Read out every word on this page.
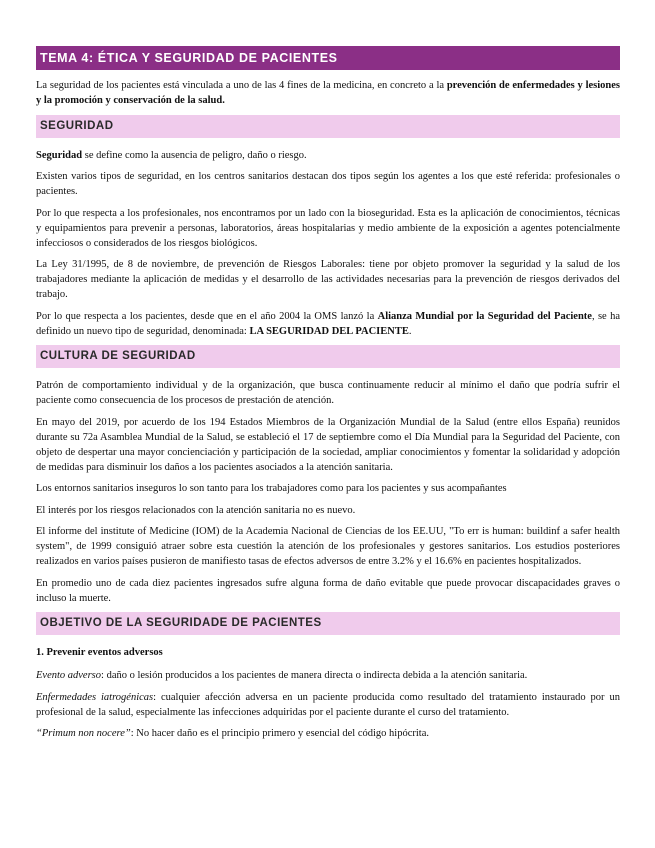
TEMA 4: ÉTICA Y SEGURIDAD DE PACIENTES

La seguridad de los pacientes está vinculada a uno de las 4 fines de la medicina, en concreto a la prevención de enfermedades y lesiones y la promoción y conservación de la salud.

SEGURIDAD

Seguridad se define como la ausencia de peligro, daño o riesgo.

Existen varios tipos de seguridad, en los centros sanitarios destacan dos tipos según los agentes a los que esté referida: profesionales o pacientes.

Por lo que respecta a los profesionales, nos encontramos por un lado con la bioseguridad. Esta es la aplicación de conocimientos, técnicas y equipamientos para prevenir a personas, laboratorios, áreas hospitalarias y medio ambiente de la exposición a agentes potencialmente infecciosos o considerados de los riesgos biológicos.

La Ley 31/1995, de 8 de noviembre, de prevención de Riesgos Laborales: tiene por objeto promover la seguridad y la salud de los trabajadores mediante la aplicación de medidas y el desarrollo de las actividades necesarias para la prevención de riesgos derivados del trabajo.

Por lo que respecta a los pacientes, desde que en el año 2004 la OMS lanzó la Alianza Mundial por la Seguridad del Paciente, se ha definido un nuevo tipo de seguridad, denominada: LA SEGURIDAD DEL PACIENTE.

CULTURA DE SEGURIDAD

Patrón de comportamiento individual y de la organización, que busca continuamente reducir al mínimo el daño que podría sufrir el paciente como consecuencia de los procesos de prestación de atención.

En mayo del 2019, por acuerdo de los 194 Estados Miembros de la Organización Mundial de la Salud (entre ellos España) reunidos durante su 72a Asamblea Mundial de la Salud, se estableció el 17 de septiembre como el Día Mundial para la Seguridad del Paciente, con objeto de despertar una mayor concienciación y participación de la sociedad, ampliar conocimientos y fomentar la solidaridad y adopción de medidas para disminuir los daños a los pacientes asociados a la atención sanitaria.

Los entornos sanitarios inseguros lo son tanto para los trabajadores como para los pacientes y sus acompañantes

El interés por los riesgos relacionados con la atención sanitaria no es nuevo.

El informe del institute of Medicine (IOM) de la Academia Nacional de Ciencias de los EE.UU, "To err is human: buildinf a safer health system", de 1999 consiguió atraer sobre esta cuestión la atención de los profesionales y gestores sanitarios. Los estudios posteriores realizados en varios países pusieron de manifiesto tasas de efectos adversos de entre 3.2% y el 16.6% en pacientes hospitalizados.

En promedio uno de cada diez pacientes ingresados sufre alguna forma de daño evitable que puede provocar discapacidades graves o incluso la muerte.

OBJETIVO DE LA SEGURIDADE DE PACIENTES

1. Prevenir eventos adversos

Evento adverso: daño o lesión producidos a los pacientes de manera directa o indirecta debida a la atención sanitaria.

Enfermedades iatrogénicas: cualquier afección adversa en un paciente producida como resultado del tratamiento instaurado por un profesional de la salud, especialmente las infecciones adquiridas por el paciente durante el curso del tratamiento.

“Primum non nocere”: No hacer daño es el principio primero y esencial del código hipócrita.
